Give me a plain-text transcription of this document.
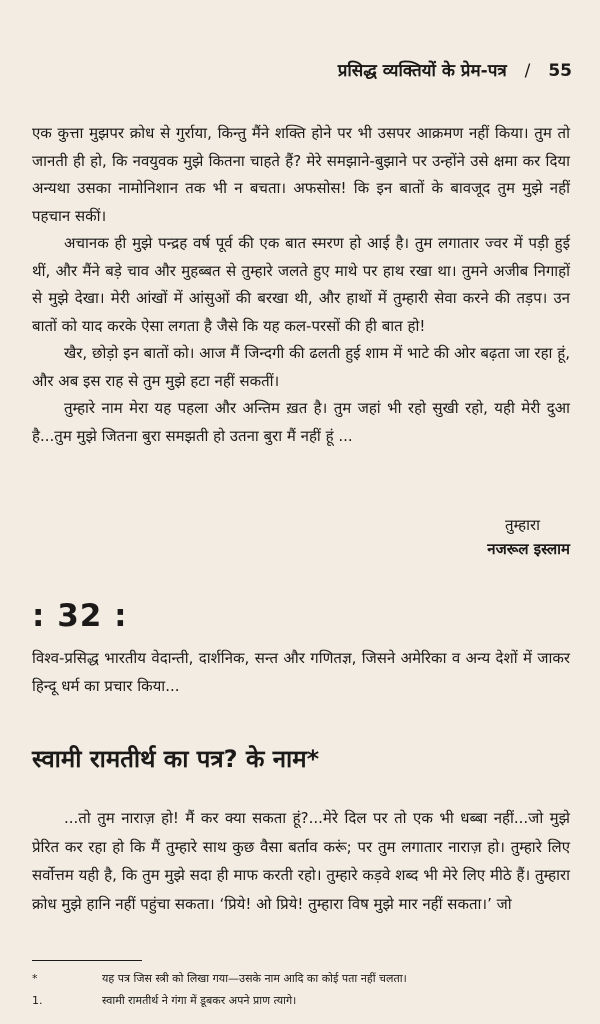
प्रसिद्ध व्यक्तियों के प्रेम-पत्र / 55

एक कुत्ता मुझपर क्रोध से गुर्राया, किन्तु मैंने शक्ति होने पर भी उसपर आक्रमण नहीं किया। तुम तो जानती ही हो, कि नवयुवक मुझे कितना चाहते हैं? मेरे समझाने-बुझाने पर उन्होंने उसे क्षमा कर दिया अन्यथा उसका नामोनिशान तक भी न बचता। अफसोस! कि इन बातों के बावजूद तुम मुझे नहीं पहचान सकीं।

अचानक ही मुझे पन्द्रह वर्ष पूर्व की एक बात स्मरण हो आई है। तुम लगातार ज्वर में पड़ी हुई थीं, और मैंने बड़े चाव और मुहब्बत से तुम्हारे जलते हुए माथे पर हाथ रखा था। तुमने अजीब निगाहों से मुझे देखा। मेरी आंखों में आंसुओं की बरखा थी, और हाथों में तुम्हारी सेवा करने की तड़प। उन बातों को याद करके ऐसा लगता है जैसे कि यह कल-परसों की ही बात हो!

खैर, छोड़ो इन बातों को। आज मैं जिन्दगी की ढलती हुई शाम में भाटे की ओर बढ़ता जा रहा हूं, और अब इस राह से तुम मुझे हटा नहीं सकतीं।

तुम्हारे नाम मेरा यह पहला और अन्तिम ख़त है। तुम जहां भी रहो सुखी रहो, यही मेरी दुआ है...तुम मुझे जितना बुरा समझती हो उतना बुरा मैं नहीं हूं ...

तुम्हारा
नजरूल इस्लाम
: 32 :
विश्व-प्रसिद्ध भारतीय वेदान्ती, दार्शनिक, सन्त और गणितज्ञ, जिसने अमेरिका व अन्य देशों में जाकर हिन्दू धर्म का प्रचार किया...
स्वामी रामतीर्थ का पत्र? के नाम*

...तो तुम नाराज़ हो! मैं कर क्या सकता हूं?...मेरे दिल पर तो एक भी धब्बा नहीं...जो मुझे प्रेरित कर रहा हो कि मैं तुम्हारे साथ कुछ वैसा बर्ताव करूं; पर तुम लगातार नाराज़ हो। तुम्हारे लिए सर्वोत्तम यही है, कि तुम मुझे सदा ही माफ करती रहो। तुम्हारे कड़वे शब्द भी मेरे लिए मीठे हैं। तुम्हारा क्रोध मुझे हानि नहीं पहुंचा सकता। ‘प्रिये! ओ प्रिये! तुम्हारा विष मुझे मार नहीं सकता।’ जो

*	यह पत्र जिस स्त्री को लिखा गया—उसके नाम आदि का कोई पता नहीं चलता।
1.	स्वामी रामतीर्थ ने गंगा में डूबकर अपने प्राण त्यागे।
